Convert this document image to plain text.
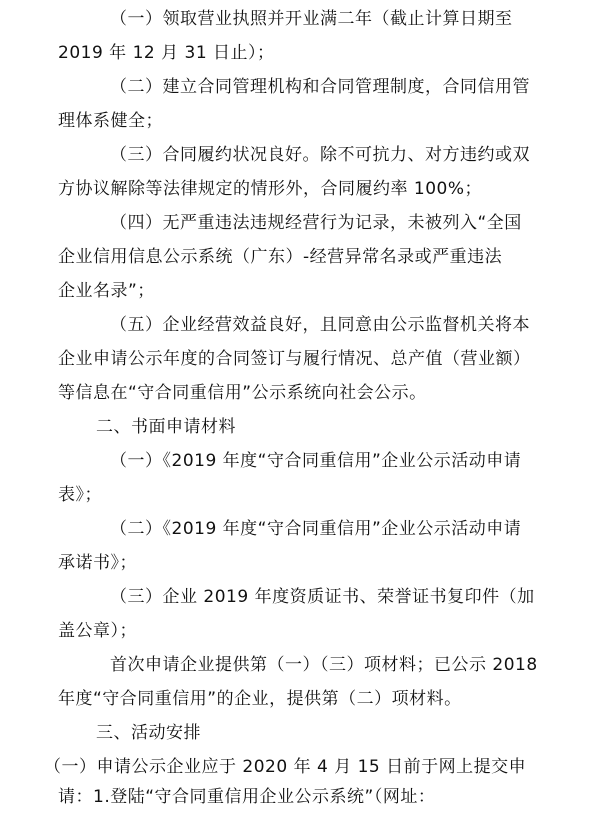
（一）领取营业执照并开业满二年（截止计算日期至
2019 年 12 月 31 日止）；
（二）建立合同管理机构和合同管理制度，合同信用管
理体系健全；
（三）合同履约状况良好。除不可抗力、对方违约或双
方协议解除等法律规定的情形外，合同履约率 100%；
（四）无严重违法违规经营行为记录，未被列入“全国
企业信用信息公示系统（广东）-经营异常名录或严重违法
企业名录”；
（五）企业经营效益良好，且同意由公示监督机关将本
企业申请公示年度的合同签订与履行情况、总产值（营业额）
等信息在“守合同重信用”公示系统向社会公示。
二、书面申请材料
（一）《2019 年度“守合同重信用”企业公示活动申请
表》；
（二）《2019 年度“守合同重信用”企业公示活动申请
承诺书》；
（三）企业 2019 年度资质证书、荣誉证书复印件（加
盖公章）；
首次申请企业提供第（一）（三）项材料；已公示 2018
年度“守合同重信用”的企业，提供第（二）项材料。
三、活动安排
（一）申请公示企业应于 2020 年 4 月 15 日前于网上提交申
请：1.登陆“守合同重信用企业公示系统”（网址：
